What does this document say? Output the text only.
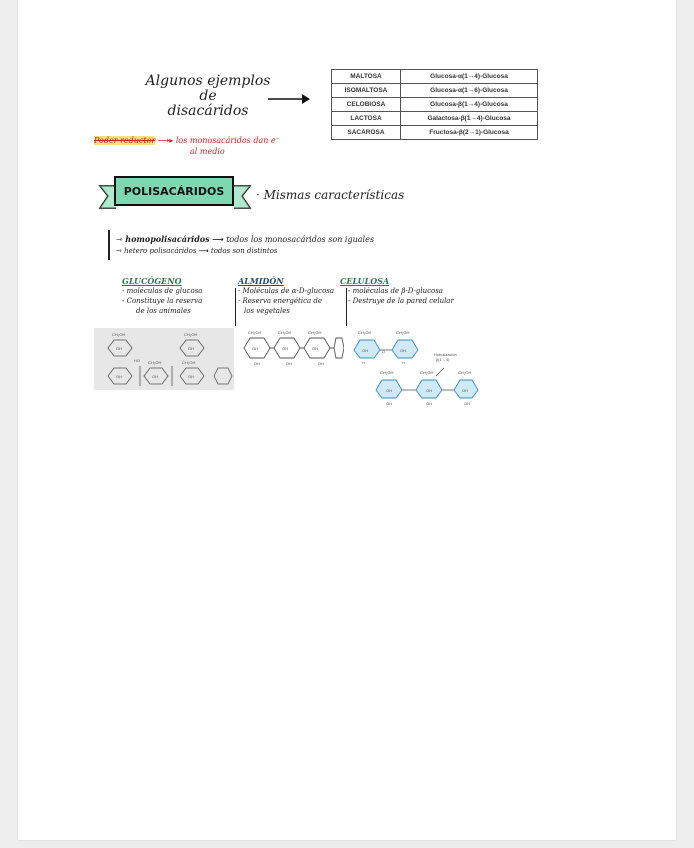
Algunos ejemplos
de
disacáridos
MALTOSA	Glucosa-α(1→4)-Glucosa
ISOMALTOSA	Glucosa-α(1→6)-Glucosa
CELOBIOSA	Glucosa-β(1→4)-Glucosa
LACTOSA	Galactosa-β(1→4)-Glucosa
SACAROSA	Fructosa-β(2→1)-Glucosa
Poder reductor ⟶▸ los monosacáridos dan e⁻
al medio
POLISACÁRIDOS	· Mismas características
⇾ homopolisacáridos ⟶ todos los monosacáridos son iguales
⇾ hetero polisacáridos ⟶ todos son distintos
GLUCÓGENO
- moléculas de glucosa
- Constituye la reserva
de los animales
ALMIDÓN
· Moléculas de α-D-glucosa
· Reserva energética de
los vegetales
CELULOSA
- moléculas de β-D-glucosa
- Destruye de la pared celular
CH₂OH	CH₂OH
OH	OH
HO CH₂OH	CH₂OH
OH	OH	OH
CH₂OH	CH₂OH	CH₂OH
OH	OH	OH
OH	OH	OH
CH₂OH	CH₂OH
OH	OH
O
H	H
Hidrolización
β(1→4)
CH₂OH	CH₂OH	CH₂OH
OH	OH	OH
OH	OH	OH
